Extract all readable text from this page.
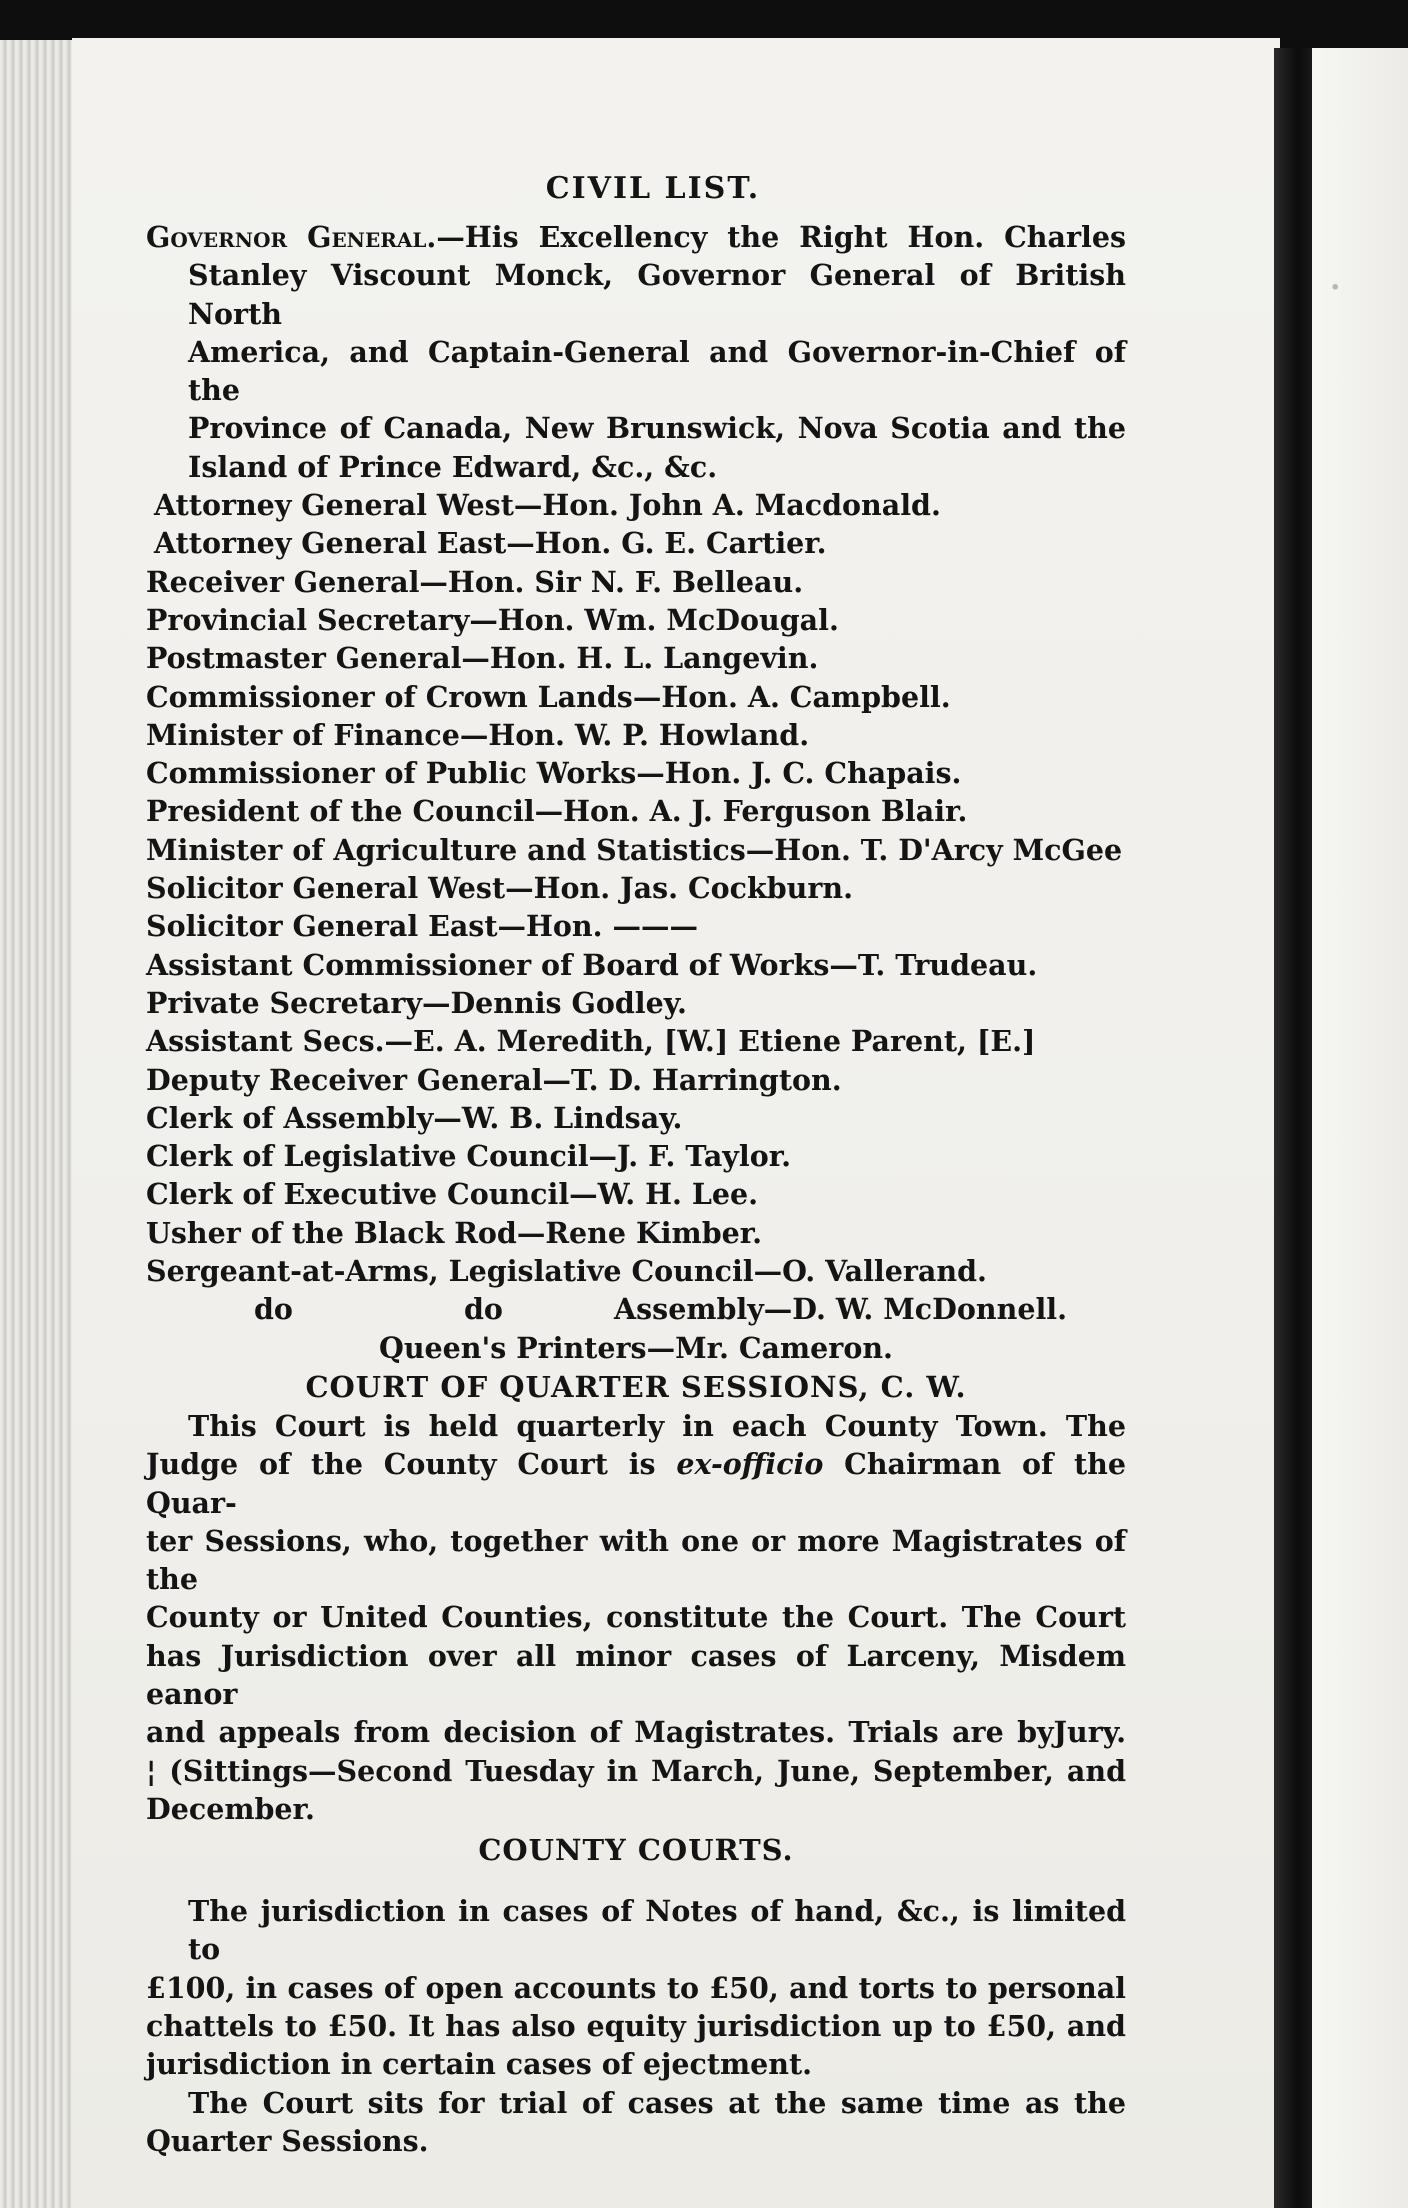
·
CIVIL LIST.
Governor General.—His Excellency the Right Hon. Charles
Stanley Viscount Monck, Governor General of British North
America, and Captain-General and Governor-in-Chief of the
Province of Canada, New Brunswick, Nova Scotia and the
Island of Prince Edward, &c., &c.
Attorney General West—Hon. John A. Macdonald.
Attorney General East—Hon. G. E. Cartier.
Receiver General—Hon. Sir N. F. Belleau.
Provincial Secretary—Hon. Wm. McDougal.
Postmaster General—Hon. H. L. Langevin.
Commissioner of Crown Lands—Hon. A. Campbell.
Minister of Finance—Hon. W. P. Howland.
Commissioner of Public Works—Hon. J. C. Chapais.
President of the Council—Hon. A. J. Ferguson Blair.
Minister of Agriculture and Statistics—Hon. T. D'Arcy McGee
Solicitor General West—Hon. Jas. Cockburn.
Solicitor General East—Hon. ———
Assistant Commissioner of Board of Works—T. Trudeau.
Private Secretary—Dennis Godley.
Assistant Secs.—E. A. Meredith, [W.] Etiene Parent, [E.]
Deputy Receiver General—T. D. Harrington.
Clerk of Assembly—W. B. Lindsay.
Clerk of Legislative Council—J. F. Taylor.
Clerk of Executive Council—W. H. Lee.
Usher of the Black Rod—Rene Kimber.
Sergeant-at-Arms, Legislative Council—O. Vallerand.
do	do	Assembly—D. W. McDonnell.
Queen's Printers—Mr. Cameron.
COURT OF QUARTER SESSIONS, C. W.
This Court is held quarterly in each County Town. The
Judge of the County Court is ex-officio Chairman of the Quar-
ter Sessions, who, together with one or more Magistrates of the
County or United Counties, constitute the Court. The Court
has Jurisdiction over all minor cases of Larceny, Misdem eanor
and appeals from decision of Magistrates. Trials are byJury.
¦ (Sittings—Second Tuesday in March, June, September, and
December.
COUNTY COURTS.
The jurisdiction in cases of Notes of hand, &c., is limited to
£100, in cases of open accounts to £50, and torts to personal
chattels to £50. It has also equity jurisdiction up to £50, and
jurisdiction in certain cases of ejectment.
The Court sits for trial of cases at the same time as the
Quarter Sessions.
